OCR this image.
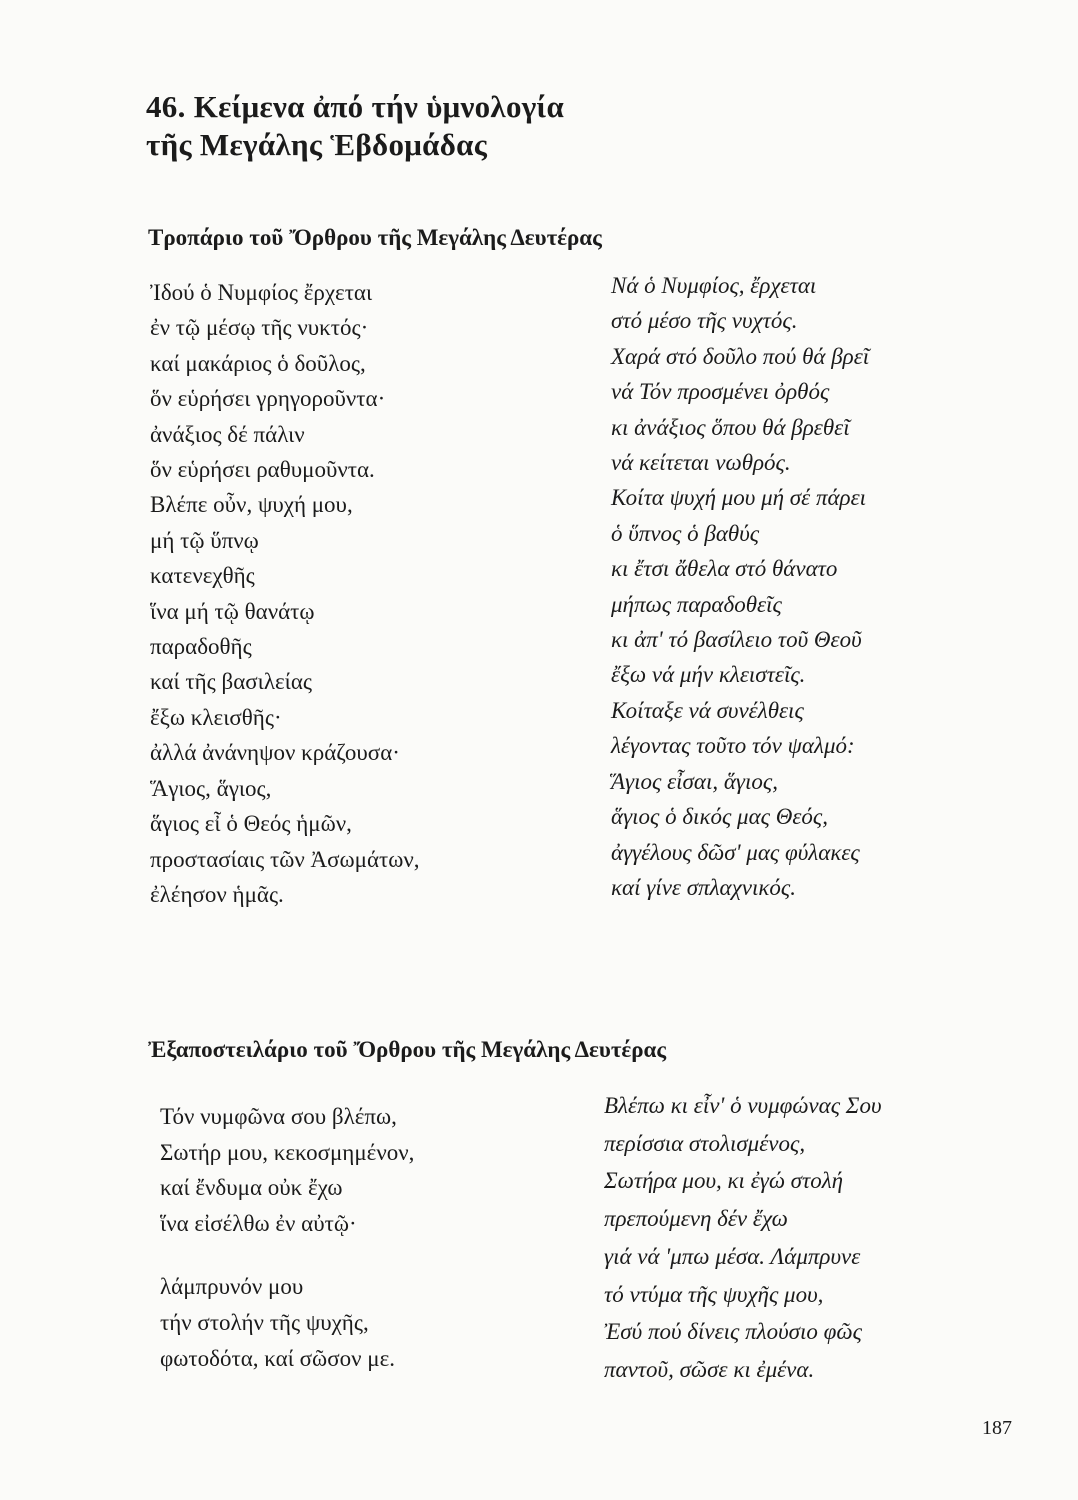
46. Κείμενα ἀπό τήν ὑμνολογία
τῆς Μεγάλης Ἑβδομάδας
Τροπάριο τοῦ Ὄρθρου τῆς Μεγάλης Δευτέρας
Ἰδού ὁ Νυμφίος ἔρχεται
ἐν τῷ μέσῳ τῆς νυκτός·
καί μακάριος ὁ δοῦλος,
ὅν εὑρήσει γρηγοροῦντα·
ἀνάξιος δέ πάλιν
ὅν εὑρήσει ραθυμοῦντα.
Βλέπε οὖν, ψυχή μου,
μή τῷ ὕπνῳ
κατενεχθῆς
ἵνα μή τῷ θανάτῳ
παραδοθῆς
καί τῆς βασιλείας
ἔξω κλεισθῆς·
ἀλλά ἀνάνηψον κράζουσα·
Ἅγιος, ἅγιος,
ἅγιος εἶ ὁ Θεός ἡμῶν,
προστασίαις τῶν Ἀσωμάτων,
ἐλέησον ἡμᾶς.
Νά ὁ Νυμφίος, ἔρχεται
στό μέσο τῆς νυχτός.
Χαρά στό δοῦλο πού θά βρεῖ
νά Τόν προσμένει ὀρθός
κι ἀνάξιος ὅπου θά βρεθεῖ
νά κείτεται νωθρός.
Κοίτα ψυχή μου μή σέ πάρει
ὁ ὕπνος ὁ βαθύς
κι ἔτσι ἄθελα στό θάνατο
μήπως παραδοθεῖς
κι ἀπ' τό βασίλειο τοῦ Θεοῦ
ἔξω νά μήν κλειστεῖς.
Κοίταξε νά συνέλθεις
λέγοντας τοῦτο τόν ψαλμό:
Ἅγιος εἶσαι, ἅγιος,
ἅγιος ὁ δικός μας Θεός,
ἀγγέλους δῶσ' μας φύλακες
καί γίνε σπλαχνικός.
Ἐξαποστειλάριο τοῦ Ὄρθρου τῆς Μεγάλης Δευτέρας
Τόν νυμφῶνα σου βλέπω,
Σωτήρ μου, κεκοσμημένον,
καί ἔνδυμα οὐκ ἔχω
ἵνα εἰσέλθω ἐν αὐτῷ·
λάμπρυνόν μου
τήν στολήν τῆς ψυχῆς,
φωτοδότα, καί σῶσον με.
Βλέπω κι εἶν' ὁ νυμφώνας Σου
περίσσια στολισμένος,
Σωτήρα μου, κι ἐγώ στολή
πρεπούμενη δέν ἔχω
γιά νά 'μπω μέσα. Λάμπρυνε
τό ντύμα τῆς ψυχῆς μου,
Ἐσύ πού δίνεις πλούσιο φῶς
παντοῦ, σῶσε κι ἐμένα.
187
